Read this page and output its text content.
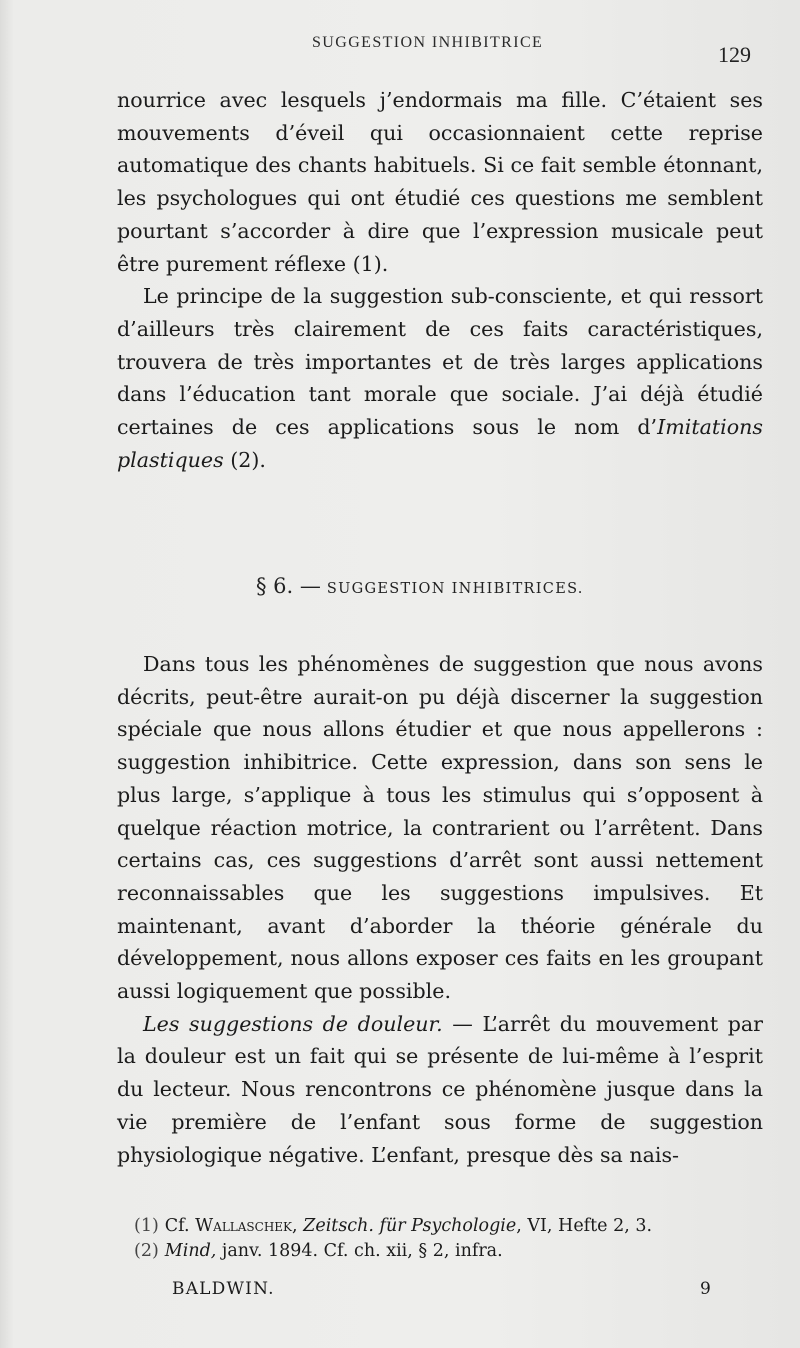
SUGGESTION INHIBITRICE	129

nourrice avec lesquels j’endormais ma fille. C’étaient ses mouvements d’éveil qui occasionnaient cette reprise automatique des chants habituels. Si ce fait semble étonnant, les psychologues qui ont étudié ces questions me semblent pourtant s’accorder à dire que l’expression musicale peut être purement réflexe (1).

Le principe de la suggestion sub-consciente, et qui ressort d’ailleurs très clairement de ces faits caractéristiques, trouvera de très importantes et de très larges applications dans l’éducation tant morale que sociale. J’ai déjà étudié certaines de ces applications sous le nom d’Imitations plastiques (2).

§ 6. — SUGGESTION INHIBITRICES.

Dans tous les phénomènes de suggestion que nous avons décrits, peut-être aurait-on pu déjà discerner la suggestion spéciale que nous allons étudier et que nous appellerons : suggestion inhibitrice. Cette expression, dans son sens le plus large, s’applique à tous les stimulus qui s’opposent à quelque réaction motrice, la contrarient ou l’arrêtent. Dans certains cas, ces suggestions d’arrêt sont aussi nettement reconnaissables que les suggestions impulsives. Et maintenant, avant d’aborder la théorie générale du développement, nous allons exposer ces faits en les groupant aussi logiquement que possible.

Les suggestions de douleur. — L’arrêt du mouvement par la douleur est un fait qui se présente de lui-même à l’esprit du lecteur. Nous rencontrons ce phénomène jusque dans la vie première de l’enfant sous forme de suggestion physiologique négative. L’enfant, presque dès sa nais-

(1) Cf. Wallaschek, Zeitsch. für Psychologie, VI, Hefte 2, 3.

(2) Mind, janv. 1894. Cf. ch. xii, § 2, infra.

BALDWIN.	9
